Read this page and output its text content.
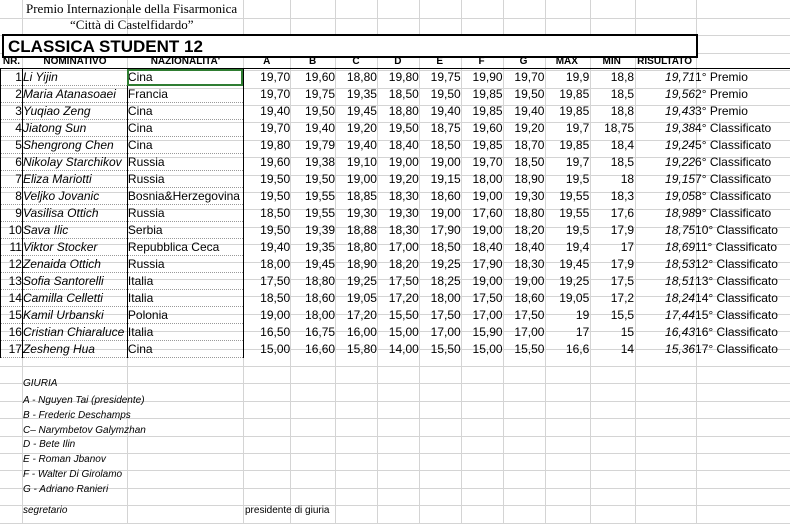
Premio Internazionale della Fisarmonica
“Città di Castelfidardo”
CLASSICA STUDENT 12
NR.	NOMINATIVO	NAZIONALITA'	A	B	C	D	E	F	G	MAX	MIN	RISULTATO	
1	Li Yijin	Cina	19,70	19,60	18,80	19,80	19,75	19,90	19,70	19,9	18,8	19,71	1° Premio
2	Maria Atanasoaei	Francia	19,70	19,75	19,35	18,50	19,50	19,85	19,50	19,85	18,5	19,56	2° Premio
3	Yuqiao Zeng	Cina	19,40	19,50	19,45	18,80	19,40	19,85	19,40	19,85	18,8	19,43	3° Premio
4	Jiatong Sun	Cina	19,70	19,40	19,20	19,50	18,75	19,60	19,20	19,7	18,75	19,38	4° Classificato
5	Shengrong Chen	Cina	19,80	19,79	19,40	18,40	18,50	19,85	18,70	19,85	18,4	19,24	5° Classificato
6	Nikolay Starchikov	Russia	19,60	19,38	19,10	19,00	19,00	19,70	18,50	19,7	18,5	19,22	6° Classificato
7	Eliza Mariotti	Russia	19,50	19,50	19,00	19,20	19,15	18,00	18,90	19,5	18	19,15	7° Classificato
8	Veljko Jovanic	Bosnia&Herzegovina	19,50	19,55	18,85	18,30	18,60	19,00	19,30	19,55	18,3	19,05	8° Classificato
9	Vasilisa Ottich	Russia	18,50	19,55	19,30	19,30	19,00	17,60	18,80	19,55	17,6	18,98	9° Classificato
10	Sava Ilic	Serbia	19,50	19,39	18,88	18,30	17,90	19,00	18,20	19,5	17,9	18,75	10° Classificato
11	Viktor Stocker	Repubblica Ceca	19,40	19,35	18,80	17,00	18,50	18,40	18,40	19,4	17	18,69	11° Classificato
12	Zenaida Ottich	Russia	18,00	19,45	18,90	18,20	19,25	17,90	18,30	19,45	17,9	18,53	12° Classificato
13	Sofia Santorelli	Italia	17,50	18,80	19,25	17,50	18,25	19,00	19,00	19,25	17,5	18,51	13° Classificato
14	Camilla Celletti	Italia	18,50	18,60	19,05	17,20	18,00	17,50	18,60	19,05	17,2	18,24	14° Classificato
15	Kamil Urbanski	Polonia	19,00	18,00	17,20	15,50	17,50	17,00	17,50	19	15,5	17,44	15° Classificato
16	Cristian Chiaraluce	Italia	16,50	16,75	16,00	15,00	17,00	15,90	17,00	17	15	16,43	16° Classificato
17	Zesheng Hua	Cina	15,00	16,60	15,80	14,00	15,50	15,00	15,50	16,6	14	15,36	17° Classificato
GIURIA
A - Nguyen Tai (presidente)
B - Frederic Deschamps
C– Narymbetov Galymzhan
D - Bete Ilin
E - Roman Jbanov
F - Walter Di Girolamo
G - Adriano Ranieri
segretario	presidente di giuria
